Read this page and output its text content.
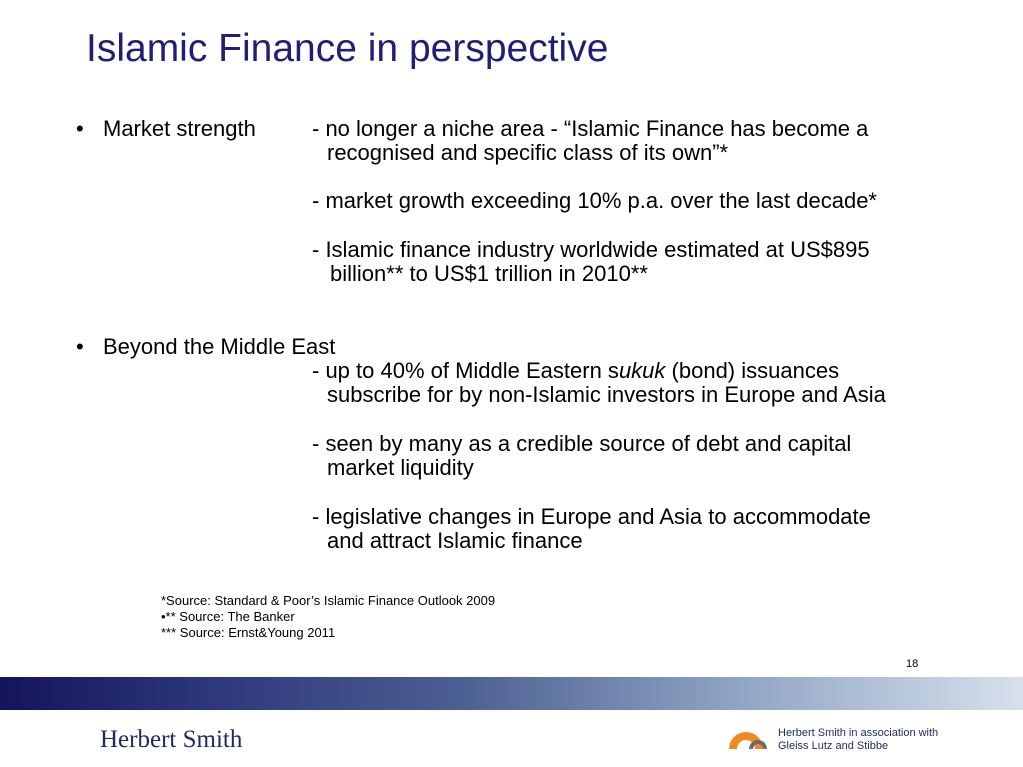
Islamic Finance in perspective
• Market strength	- no longer a niche area - “Islamic Finance has become a
recognised and specific class of its own”*
- market growth exceeding 10% p.a. over the last decade*
- Islamic finance industry worldwide estimated at US$895
billion** to US$1 trillion in 2010**
• Beyond the Middle East
- up to 40% of Middle Eastern sukuk (bond) issuances
subscribe for by non-Islamic investors in Europe and Asia
- seen by many as a credible source of debt and capital
market liquidity
- legislative changes in Europe and Asia to accommodate
and attract Islamic finance
*Source: Standard & Poor’s Islamic Finance Outlook 2009
•** Source: The Banker
*** Source: Ernst&Young 2011
18
Herbert Smith	Herbert Smith in association with
Gleiss Lutz and Stibbe
